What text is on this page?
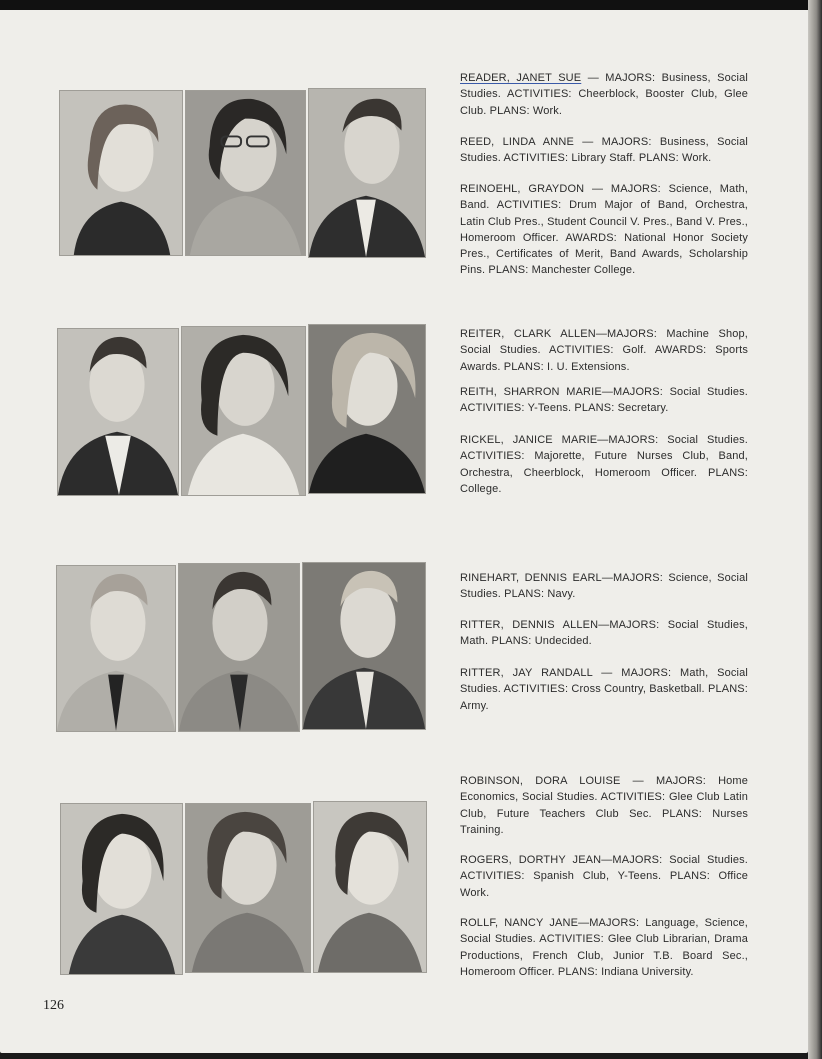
READER, JANET SUE — MAJORS: Business, Social Studies. ACTIVITIES: Cheerblock, Booster Club, Glee Club. PLANS: Work.
REED, LINDA ANNE — MAJORS: Business, Social Studies. ACTIVITIES: Library Staff. PLANS: Work.
REINOEHL, GRAYDON — MAJORS: Science, Math, Band. ACTIVITIES: Drum Major of Band, Orchestra, Latin Club Pres., Student Council V. Pres., Band V. Pres., Homeroom Officer. AWARDS: National Honor Society Pres., Certificates of Merit, Band Awards, Scholarship Pins. PLANS: Manchester College.
REITER, CLARK ALLEN—MAJORS: Machine Shop, Social Studies. ACTIVITIES: Golf. AWARDS: Sports Awards. PLANS: I. U. Extensions.
REITH, SHARRON MARIE—MAJORS: Social Studies. ACTIVITIES: Y-Teens. PLANS: Secretary.
RICKEL, JANICE MARIE—MAJORS: Social Studies. ACTIVITIES: Majorette, Future Nurses Club, Band, Orchestra, Cheerblock, Homeroom Officer. PLANS: College.
RINEHART, DENNIS EARL—MAJORS: Science, Social Studies. PLANS: Navy.
RITTER, DENNIS ALLEN—MAJORS: Social Studies, Math. PLANS: Undecided.
RITTER, JAY RANDALL — MAJORS: Math, Social Studies. ACTIVITIES: Cross Country, Basketball. PLANS: Army.
ROBINSON, DORA LOUISE — MAJORS: Home Economics, Social Studies. ACTIVITIES: Glee Club Latin Club, Future Teachers Club Sec. PLANS: Nurses Training.
ROGERS, DORTHY JEAN—MAJORS: Social Studies. ACTIVITIES: Spanish Club, Y-Teens. PLANS: Office Work.
ROLLF, NANCY JANE—MAJORS: Language, Science, Social Studies. ACTIVITIES: Glee Club Librarian, Drama Productions, French Club, Junior T.B. Board Sec., Homeroom Officer. PLANS: Indiana University.
126
